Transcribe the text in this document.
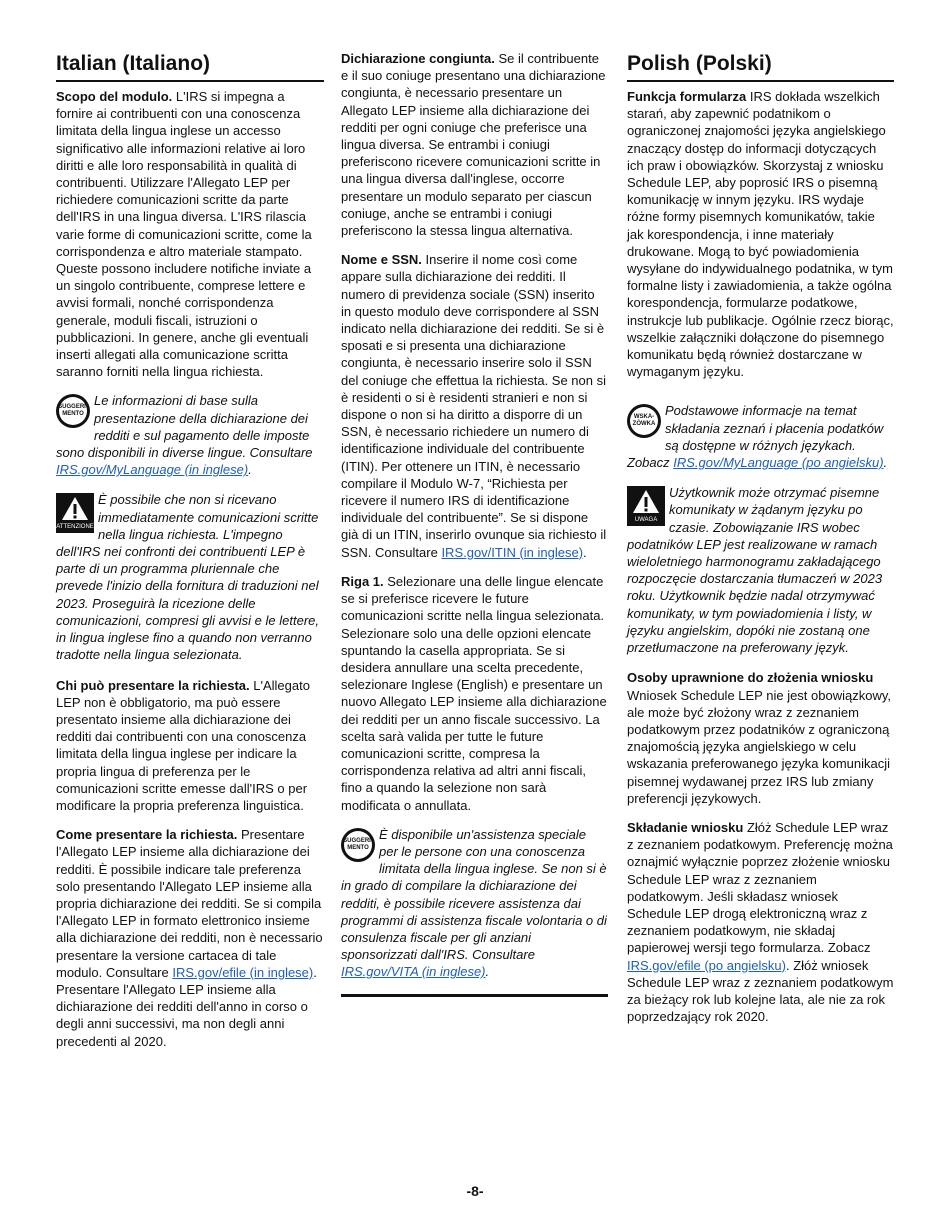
Italian (Italiano)

Scopo del modulo. L'IRS si impegna a fornire ai contribuenti con una conoscenza limitata della lingua inglese un accesso significativo alle informazioni relative ai loro diritti e alle loro responsabilità in qualità di contribuenti. Utilizzare l'Allegato LEP per richiedere comunicazioni scritte da parte dell'IRS in una lingua diversa. L'IRS rilascia varie forme di comunicazioni scritte, come la corrispondenza e altro materiale stampato. Queste possono includere notifiche inviate a un singolo contribuente, comprese lettere e avvisi formali, nonché corrispondenza generale, moduli fiscali, istruzioni o pubblicazioni. In genere, anche gli eventuali inserti allegati alla comunicazione scritta saranno forniti nella lingua richiesta.

SUGGERI-MENTO
Le informazioni di base sulla presentazione della dichiarazione dei redditi e sul pagamento delle imposte sono disponibili in diverse lingue. Consultare IRS.gov/MyLanguage (in inglese).
ATTENZIONE
È possibile che non si ricevano immediatamente comunicazioni scritte nella lingua richiesta. L'impegno dell'IRS nei confronti dei contribuenti LEP è parte di un programma pluriennale che prevede l'inizio della fornitura di traduzioni nel 2023. Proseguirà la ricezione delle comunicazioni, compresi gli avvisi e le lettere, in lingua inglese fino a quando non verranno tradotte nella lingua selezionata.

Chi può presentare la richiesta. L'Allegato LEP non è obbligatorio, ma può essere presentato insieme alla dichiarazione dei redditi dai contribuenti con una conoscenza limitata della lingua inglese per indicare la propria lingua di preferenza per le comunicazioni scritte emesse dall'IRS o per modificare la propria preferenza linguistica.

Come presentare la richiesta. Presentare l'Allegato LEP insieme alla dichiarazione dei redditi. È possibile indicare tale preferenza solo presentando l'Allegato LEP insieme alla propria dichiarazione dei redditi. Se si compila l'Allegato LEP in formato elettronico insieme alla dichiarazione dei redditi, non è necessario presentare la versione cartacea di tale modulo. Consultare IRS.gov/efile (in inglese). Presentare l'Allegato LEP insieme alla dichiarazione dei redditi dell'anno in corso o degli anni successivi, ma non degli anni precedenti al 2020.

Dichiarazione congiunta. Se il contribuente e il suo coniuge presentano una dichiarazione congiunta, è necessario presentare un Allegato LEP insieme alla dichiarazione dei redditi per ogni coniuge che preferisce una lingua diversa. Se entrambi i coniugi preferiscono ricevere comunicazioni scritte in una lingua diversa dall'inglese, occorre presentare un modulo separato per ciascun coniuge, anche se entrambi i coniugi preferiscono la stessa lingua alternativa.

Nome e SSN. Inserire il nome così come appare sulla dichiarazione dei redditi. Il numero di previdenza sociale (SSN) inserito in questo modulo deve corrispondere al SSN indicato nella dichiarazione dei redditi. Se si è sposati e si presenta una dichiarazione congiunta, è necessario inserire solo il SSN del coniuge che effettua la richiesta. Se non si è residenti o si è residenti stranieri e non si dispone o non si ha diritto a disporre di un SSN, è necessario richiedere un numero di identificazione individuale del contribuente (ITIN). Per ottenere un ITIN, è necessario compilare il Modulo W-7, “Richiesta per ricevere il numero IRS di identificazione individuale del contribuente”. Se si dispone già di un ITIN, inserirlo ovunque sia richiesto il SSN. Consultare IRS.gov/ITIN (in inglese).

Riga 1. Selezionare una delle lingue elencate se si preferisce ricevere le future comunicazioni scritte nella lingua selezionata. Selezionare solo una delle opzioni elencate spuntando la casella appropriata. Se si desidera annullare una scelta precedente, selezionare Inglese (English) e presentare un nuovo Allegato LEP insieme alla dichiarazione dei redditi per un anno fiscale successivo. La scelta sarà valida per tutte le future comunicazioni scritte, compresa la corrispondenza relativa ad altri anni fiscali, fino a quando la selezione non sarà modificata o annullata.

SUGGERI-MENTO
È disponibile un'assistenza speciale per le persone con una conoscenza limitata della lingua inglese. Se non si è in grado di compilare la dichiarazione dei redditi, è possibile ricevere assistenza dai programmi di assistenza fiscale volontaria o di consulenza fiscale per gli anziani sponsorizzati dall'IRS. Consultare IRS.gov/VITA (in inglese).
Polish (Polski)

Funkcja formularza IRS dokłada wszelkich starań, aby zapewnić podatnikom o ograniczonej znajomości języka angielskiego znaczący dostęp do informacji dotyczących ich praw i obowiązków. Skorzystaj z wniosku Schedule LEP, aby poprosić IRS o pisemną komunikację w innym języku. IRS wydaje różne formy pisemnych komunikatów, takie jak korespondencja, i inne materiały drukowane. Mogą to być powiadomienia wysyłane do indywidualnego podatnika, w tym formalne listy i zawiadomienia, a także ogólna korespondencja, formularze podatkowe, instrukcje lub publikacje. Ogólnie rzecz biorąc, wszelkie załączniki dołączone do pisemnego komunikatu będą również dostarczane w wymaganym języku.

WSKA-ZÓWKA
Podstawowe informacje na temat składania zeznań i płacenia podatków są dostępne w różnych językach. Zobacz IRS.gov/MyLanguage (po angielsku).
UWAGA
Użytkownik może otrzymać pisemne komunikaty w żądanym języku po czasie. Zobowiązanie IRS wobec podatników LEP jest realizowane w ramach wieloletniego harmonogramu zakładającego rozpoczęcie dostarczania tłumaczeń w 2023 roku. Użytkownik będzie nadal otrzymywać komunikaty, w tym powiadomienia i listy, w języku angielskim, dopóki nie zostaną one przetłumaczone na preferowany język.

Osoby uprawnione do złożenia wniosku Wniosek Schedule LEP nie jest obowiązkowy, ale może być złożony wraz z zeznaniem podatkowym przez podatników z ograniczoną znajomością języka angielskiego w celu wskazania preferowanego języka komunikacji pisemnej wydawanej przez IRS lub zmiany preferencji językowych.

Składanie wniosku Złóż Schedule LEP wraz z zeznaniem podatkowym. Preferencję można oznajmić wyłącznie poprzez złożenie wniosku Schedule LEP wraz z zeznaniem podatkowym. Jeśli składasz wniosek Schedule LEP drogą elektroniczną wraz z zeznaniem podatkowym, nie składaj papierowej wersji tego formularza. Zobacz IRS.gov/efile (po angielsku). Złóż wniosek Schedule LEP wraz z zeznaniem podatkowym za bieżący rok lub kolejne lata, ale nie za rok poprzedzający rok 2020.

-8-
